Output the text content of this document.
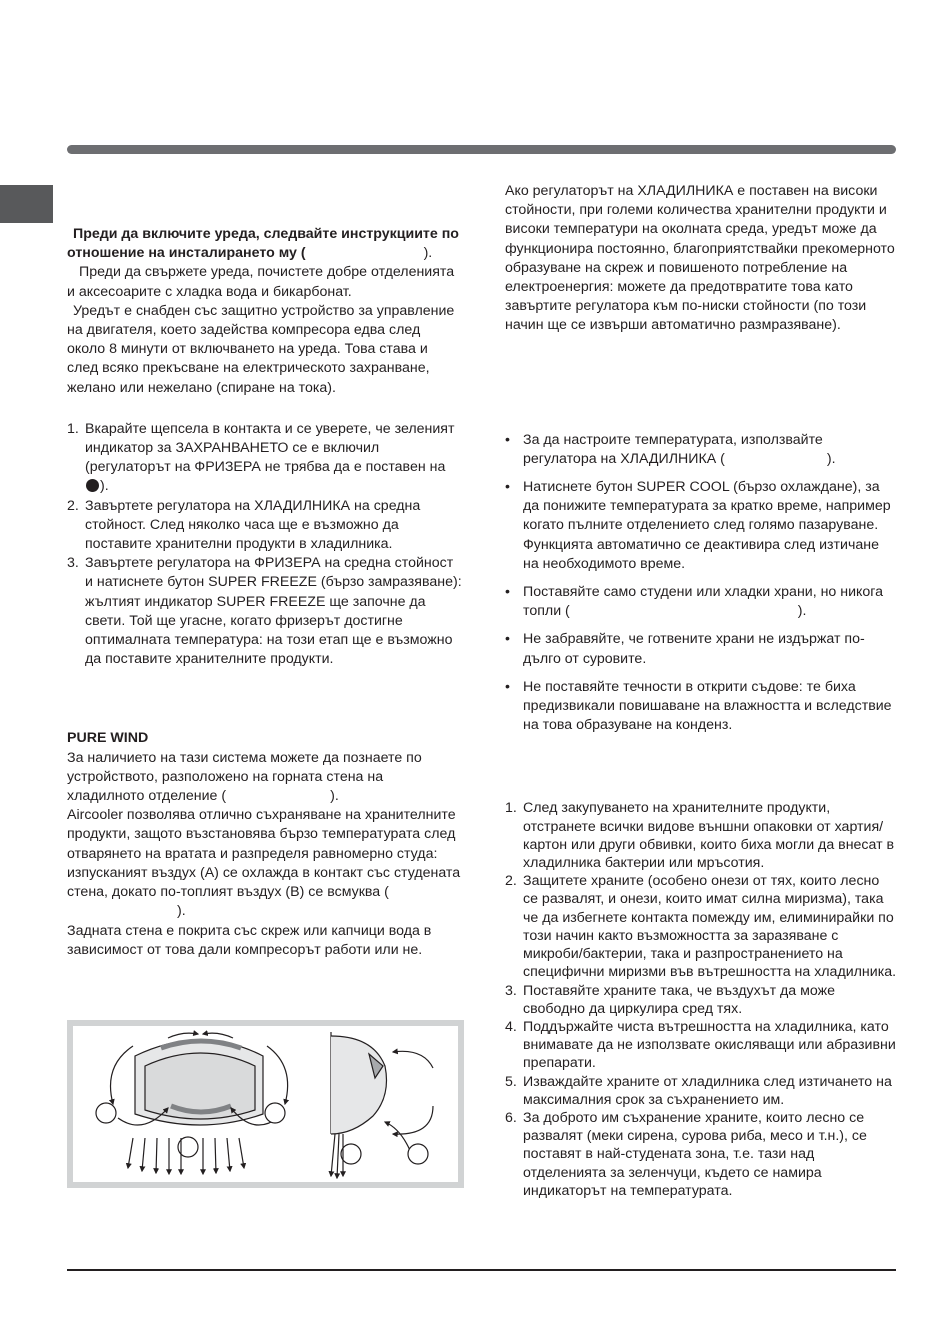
Преди да включите уреда, следвайте инструкциите по отношение на инсталирането му (	).

Преди да свържете уреда, почистете добре отделенията и аксесоарите с хладка вода и бикарбонат.

Уредът е снабден със защитно устройство за управление на двигателя, което задейства компресора едва след около 8 минути от включването на уреда. Това става и след всяко прекъсване на електрическото захранване, желано или нежелано (спиране на тока).

1. Вкарайте щепсела в контакта и се уверете, че зеленият индикатор за ЗАХРАНВАНЕТО се е включил (регулаторът на ФРИЗЕРА не трябва да е поставен на ).
2. Завъртете регулатора на ХЛАДИЛНИКА на средна стойност. След няколко часа ще е възможно да поставите хранителни продукти в хладилника.
3. Завъртете регулатора на ФРИЗЕРА на средна стойност и натиснете бутон SUPER FREEZE (бързо замразяване): жълтият индикатор SUPER FREEZE ще започне да свети. Той ще угасне, когато фризерът достигне оптималната температура: на този етап ще е възможно да поставите хранителните продукти.

PURE WIND

За наличието на тази система можете да познаете по устройството, разположено на горната стена на хладилното отделение (	).

Aircooler позволява отлично съхраняване на хранителните продукти, защото възстановява бързо температурата след отварянето на вратата и разпределя равномерно студа: изпусканият въздух (A) се охлажда в контакт със студената стена, докато по-топлият въздух (B) се всмуква ().

Задната стена е покрита със скреж или капчици вода в зависимост от това дали компресорът работи или не.

Ако регулаторът на ХЛАДИЛНИКА е поставен на високи стойности, при големи количества хранителни продукти и високи температури на околната среда, уредът може да функционира постоянно, благоприятствайки прекомерното образуване на скреж и повишеното потребление на електроенергия: можете да предотвратите това като завъртите регулатора към по-ниски стойности (по този начин ще се извърши автоматично размразяване).

• За да настроите температурата, използвайте регулатора на ХЛАДИЛНИКА (	).
• Натиснете бутон SUPER COOL (бързо охлаждане), за да понижите температурата за кратко време, например когато пълните отделението след голямо пазаруване. Функцията автоматично се деактивира след изтичане на необходимото време.
• Поставяйте само студени или хладки храни, но никога топли (	).
• Не забравяйте, че готвените храни не издържат по-дълго от суровите.
• Не поставяйте течности в открити съдове: те биха предизвикали повишаване на влажността и вследствие на това образуване на конденз.
1. След закупуването на хранителните продукти, отстранете всички видове външни опаковки от хартия/картон или други обвивки, които биха могли да внесат в хладилника бактерии или мръсотия.
2. Защитете храните (особено онези от тях, които лесно се развалят, и онези, които имат силна миризма), така че да избегнете контакта помежду им, елиминирайки по този начин както възможността за заразяване с микроби/бактерии, така и разпространението на специфични миризми във вътрешността на хладилника.
3. Поставяйте храните така, че въздухът да може свободно да циркулира сред тях.
4. Поддържайте чиста вътрешността на хладилника, като внимавате да не използвате окисляващи или абразивни препарати.
5. Изваждайте храните от хладилника след изтичането на максималния срок за съхранението им.
6. За доброто им съхранение храните, които лесно се развалят (меки сирена, сурова риба, месо и т.н.), се поставят в най-студената зона, т.е. тази над отделенията за зеленчуци, където се намира индикаторът на температурата.
